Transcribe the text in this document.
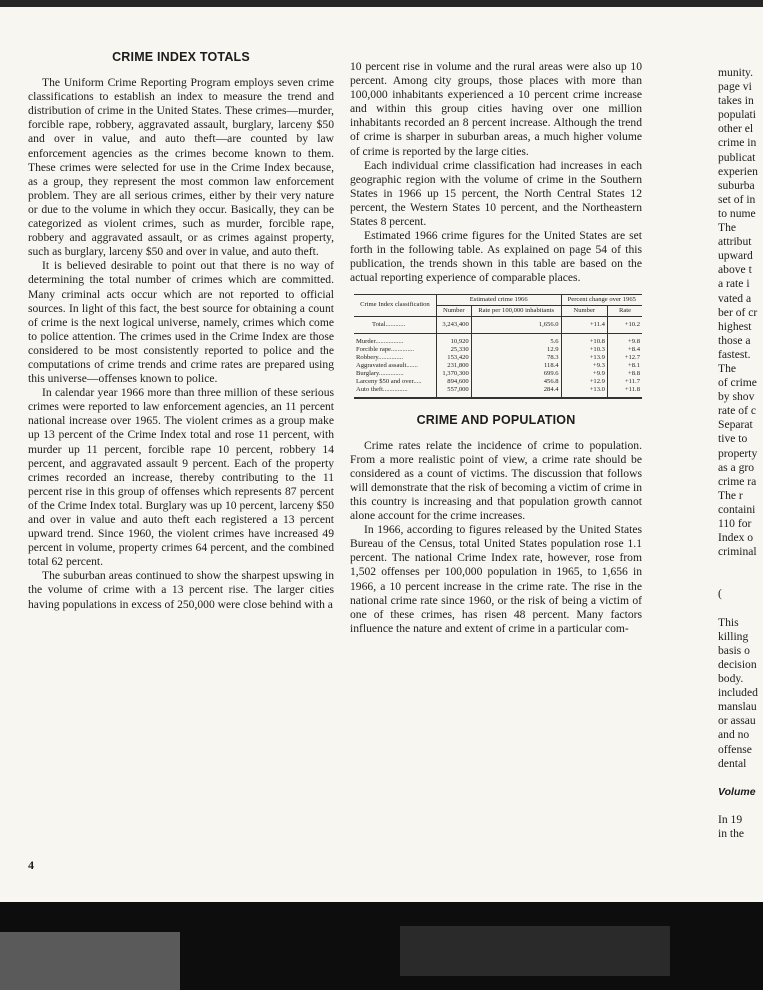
CRIME INDEX TOTALS

The Uniform Crime Reporting Program employs seven crime classifications to establish an index to measure the trend and distribution of crime in the United States. These crimes—murder, forcible rape, robbery, aggravated assault, burglary, larceny $50 and over in value, and auto theft—are counted by law enforcement agencies as the crimes become known to them. These crimes were selected for use in the Crime Index because, as a group, they represent the most common law enforcement problem. They are all serious crimes, either by their very nature or due to the volume in which they occur. Basically, they can be categorized as violent crimes, such as murder, forcible rape, robbery and aggravated assault, or as crimes against property, such as burglary, larceny $50 and over in value, and auto theft.

It is believed desirable to point out that there is no way of determining the total number of crimes which are committed. Many criminal acts occur which are not reported to official sources. In light of this fact, the best source for obtaining a count of crime is the next logical universe, namely, crimes which come to police attention. The crimes used in the Crime Index are those considered to be most consistently reported to police and the computations of crime trends and crime rates are prepared using this universe—offenses known to police.

In calendar year 1966 more than three million of these serious crimes were reported to law enforcement agencies, an 11 percent national increase over 1965. The violent crimes as a group make up 13 percent of the Crime Index total and rose 11 percent, with murder up 11 percent, forcible rape 10 percent, robbery 14 percent, and aggravated assault 9 percent. Each of the property crimes recorded an increase, thereby contributing to the 11 percent rise in this group of offenses which represents 87 percent of the Crime Index total. Burglary was up 10 percent, larceny $50 and over in value and auto theft each registered a 13 percent upward trend. Since 1960, the violent crimes have increased 49 percent in volume, property crimes 64 percent, and the combined total 62 percent.

The suburban areas continued to show the sharpest upswing in the volume of crime with a 13 percent rise. The larger cities having populations in excess of 250,000 were close behind with a

10 percent rise in volume and the rural areas were also up 10 percent. Among city groups, those places with more than 100,000 inhabitants experienced a 10 percent crime increase and within this group cities having over one million inhabitants recorded an 8 percent increase. Although the trend of crime is sharper in suburban areas, a much higher volume of crime is reported by the large cities.

Each individual crime classification had increases in each geographic region with the volume of crime in the Southern States in 1966 up 15 percent, the North Central States 12 percent, the Western States 10 percent, and the Northeastern States 8 percent.

Estimated 1966 crime figures for the United States are set forth in the following table. As explained on page 54 of this publication, the trends shown in this table are based on the actual reporting experience of comparable places.

Crime Index classification	Estimated crime 1966		Percent change over 1965	
	Number	Rate per 100,000 inhabitants	Number	Rate
Total............	3,243,400	1,656.0	+11.4	+10.2
Murder.................	10,920	5.6	+10.8	+9.8
Forcible rape..............	25,330	12.9	+10.3	+8.4
Robbery...............	153,420	78.3	+13.9	+12.7
Aggravated assault.......	231,800	118.4	+9.3	+8.1
Burglary...............	1,370,300	699.6	+9.9	+8.8
Larceny $50 and over.....	894,600	456.8	+12.9	+11.7
Auto theft...............	557,000	284.4	+13.0	+11.8
CRIME AND POPULATION

Crime rates relate the incidence of crime to population. From a more realistic point of view, a crime rate should be considered as a count of victims. The discussion that follows will demonstrate that the risk of becoming a victim of crime in this country is increasing and that population growth cannot alone account for the crime increases.

In 1966, according to figures released by the United States Bureau of the Census, total United States population rose 1.1 percent. The national Crime Index rate, however, rose from 1,502 offenses per 100,000 population in 1965, to 1,656 in 1966, a 10 percent increase in the crime rate. The rise in the national crime rate since 1960, or the risk of being a victim of one of these crimes, has risen 48 percent. Many factors influence the nature and extent of crime in a particular com-

munity.
page vi
takes in
populati
other el
crime in
publicat
experien
suburba
set of in
to nume
The
attribut
upward
above t
a rate i
vated a
ber of cr
highest
those a
fastest.
The
of crime
by shov
rate of c
Separat
tive to
property
as a gro
crime ra
The r
containi
110 for
Index o
criminal

(

This
killing
basis o
decision
body.
included
manslau
or assau
and no
offense
dental

Volume

In 19
in the
4
